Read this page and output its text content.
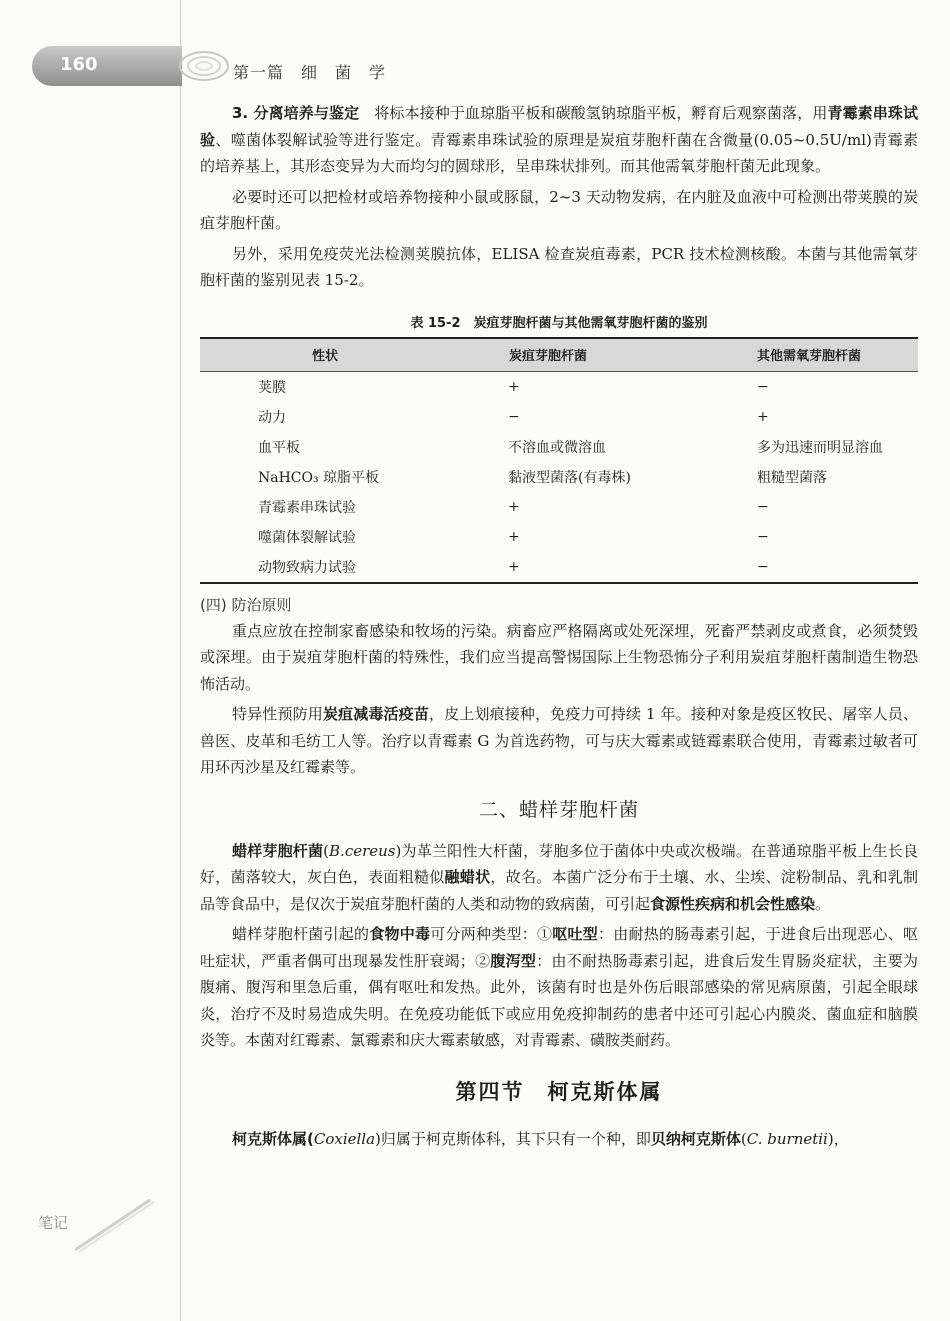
160	第一篇　细　菌　学

3. 分离培养与鉴定　将标本接种于血琼脂平板和碳酸氢钠琼脂平板，孵育后观察菌落，用青霉素串珠试验、噬菌体裂解试验等进行鉴定。青霉素串珠试验的原理是炭疽芽胞杆菌在含微量(0.05~0.5U/ml)青霉素的培养基上，其形态变异为大而均匀的圆球形，呈串珠状排列。而其他需氧芽胞杆菌无此现象。

必要时还可以把检材或培养物接种小鼠或豚鼠，2~3 天动物发病，在内脏及血液中可检测出带荚膜的炭疽芽胞杆菌。

另外，采用免疫荧光法检测荚膜抗体，ELISA 检查炭疽毒素，PCR 技术检测核酸。本菌与其他需氧芽胞杆菌的鉴别见表 15-2。

表 15-2　炭疽芽胞杆菌与其他需氧芽胞杆菌的鉴别
性状	炭疽芽胞杆菌	其他需氧芽胞杆菌
荚膜	+	−
动力	−	+
血平板	不溶血或微溶血	多为迅速而明显溶血
NaHCO₃ 琼脂平板	黏液型菌落(有毒株)	粗糙型菌落
青霉素串珠试验	+	−
噬菌体裂解试验	+	−
动物致病力试验	+	−
(四) 防治原则

重点应放在控制家畜感染和牧场的污染。病畜应严格隔离或处死深埋，死畜严禁剥皮或煮食，必须焚毁或深埋。由于炭疽芽胞杆菌的特殊性，我们应当提高警惕国际上生物恐怖分子利用炭疽芽胞杆菌制造生物恐怖活动。

特异性预防用炭疽减毒活疫苗，皮上划痕接种，免疫力可持续 1 年。接种对象是疫区牧民、屠宰人员、兽医、皮革和毛纺工人等。治疗以青霉素 G 为首选药物，可与庆大霉素或链霉素联合使用，青霉素过敏者可用环丙沙星及红霉素等。

二、蜡样芽胞杆菌

蜡样芽胞杆菌(B.cereus)为革兰阳性大杆菌，芽胞多位于菌体中央或次极端。在普通琼脂平板上生长良好，菌落较大，灰白色，表面粗糙似融蜡状，故名。本菌广泛分布于土壤、水、尘埃、淀粉制品、乳和乳制品等食品中，是仅次于炭疽芽胞杆菌的人类和动物的致病菌，可引起食源性疾病和机会性感染。

蜡样芽胞杆菌引起的食物中毒可分两种类型：①呕吐型：由耐热的肠毒素引起，于进食后出现恶心、呕吐症状，严重者偶可出现暴发性肝衰竭；②腹泻型：由不耐热肠毒素引起，进食后发生胃肠炎症状，主要为腹痛、腹泻和里急后重，偶有呕吐和发热。此外，该菌有时也是外伤后眼部感染的常见病原菌，引起全眼球炎，治疗不及时易造成失明。在免疫功能低下或应用免疫抑制药的患者中还可引起心内膜炎、菌血症和脑膜炎等。本菌对红霉素、氯霉素和庆大霉素敏感，对青霉素、磺胺类耐药。

第四节　柯克斯体属

柯克斯体属(Coxiella)归属于柯克斯体科，其下只有一个种，即贝纳柯克斯体(C. burnetii)，

笔记
